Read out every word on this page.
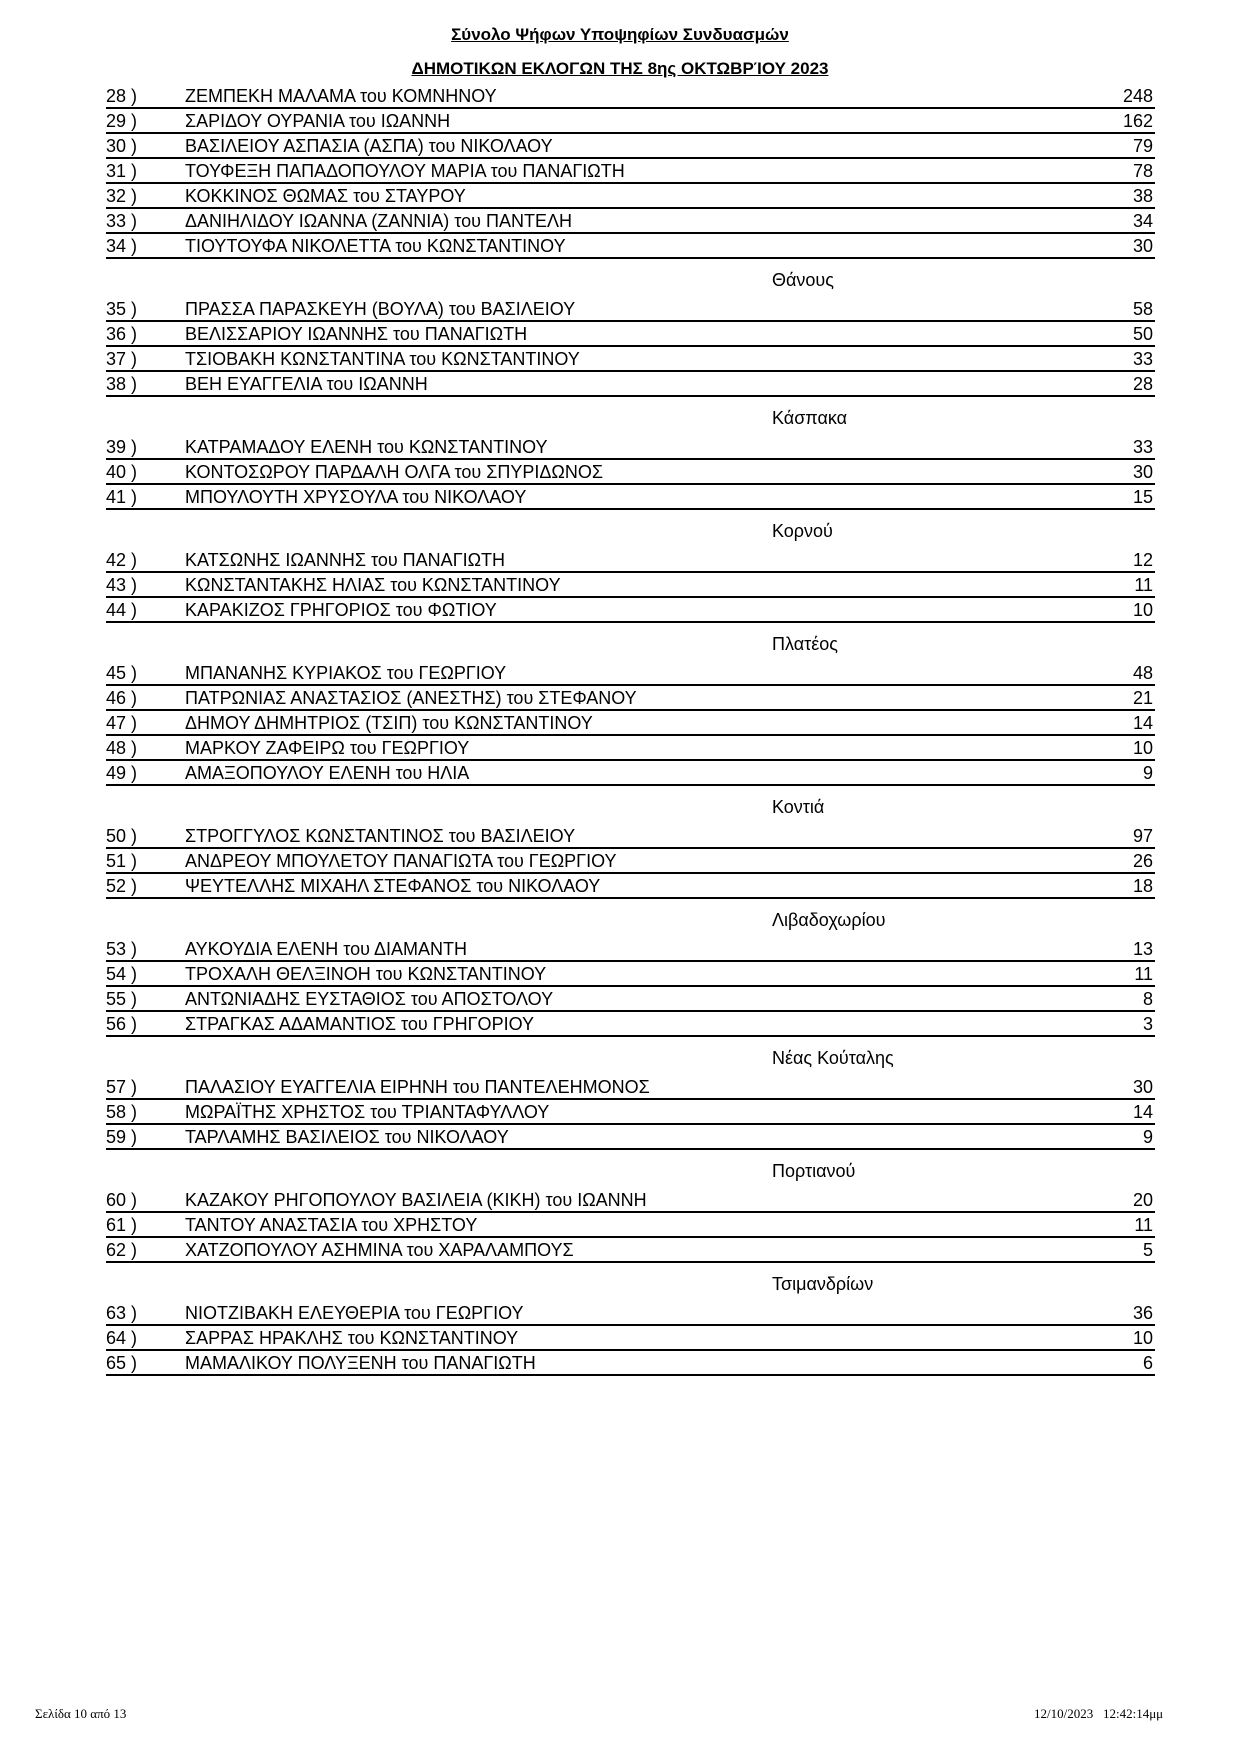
Σύνολο Ψήφων Υποψηφίων Συνδυασμών
ΔΗΜΟΤΙΚΩΝ ΕΚΛΟΓΩΝ ΤΗΣ 8ης ΟΚΤΩΒΡΊΟΥ 2023
28 )	ΖΕΜΠΕΚΗ ΜΑΛΑΜΑ του ΚΟΜΝΗΝΟΥ	248
29 )	ΣΑΡΙΔΟΥ ΟΥΡΑΝΙΑ του ΙΩΑΝΝΗ	162
30 )	ΒΑΣΙΛΕΙΟΥ ΑΣΠΑΣΙΑ (ΑΣΠΑ) του ΝΙΚΟΛΑΟΥ	79
31 )	ΤΟΥΦΕΞΗ ΠΑΠΑΔΟΠΟΥΛΟΥ ΜΑΡΙΑ του ΠΑΝΑΓΙΩΤΗ	78
32 )	ΚΟΚΚΙΝΟΣ ΘΩΜΑΣ του ΣΤΑΥΡΟΥ	38
33 )	ΔΑΝΙΗΛΙΔΟΥ ΙΩΑΝΝΑ (ΖΑΝΝΙΑ) του ΠΑΝΤΕΛΗ	34
34 )	ΤΙΟΥΤΟΥΦΑ ΝΙΚΟΛΕΤΤΑ του ΚΩΝΣΤΑΝΤΙΝΟΥ	30
Θάνους
35 )	ΠΡΑΣΣΑ ΠΑΡΑΣΚΕΥΗ (ΒΟΥΛΑ) του ΒΑΣΙΛΕΙΟΥ	58
36 )	ΒΕΛΙΣΣΑΡΙΟΥ ΙΩΑΝΝΗΣ του ΠΑΝΑΓΙΩΤΗ	50
37 )	ΤΣΙΟΒΑΚΗ ΚΩΝΣΤΑΝΤΙΝΑ του ΚΩΝΣΤΑΝΤΙΝΟΥ	33
38 )	ΒΕΗ ΕΥΑΓΓΕΛΙΑ του ΙΩΑΝΝΗ	28
Κάσπακα
39 )	ΚΑΤΡΑΜΑΔΟΥ ΕΛΕΝΗ του ΚΩΝΣΤΑΝΤΙΝΟΥ	33
40 )	ΚΟΝΤΟΣΩΡΟΥ ΠΑΡΔΑΛΗ ΟΛΓΑ του ΣΠΥΡΙΔΩΝΟΣ	30
41 )	ΜΠΟΥΛΟΥΤΗ ΧΡΥΣΟΥΛΑ του ΝΙΚΟΛΑΟΥ	15
Κορνού
42 )	ΚΑΤΣΩΝΗΣ ΙΩΑΝΝΗΣ του ΠΑΝΑΓΙΩΤΗ	12
43 )	ΚΩΝΣΤΑΝΤΑΚΗΣ ΗΛΙΑΣ του ΚΩΝΣΤΑΝΤΙΝΟΥ	11
44 )	ΚΑΡΑΚΙΖΟΣ ΓΡΗΓΟΡΙΟΣ του ΦΩΤΙΟΥ	10
Πλατέος
45 )	ΜΠΑΝΑΝΗΣ ΚΥΡΙΑΚΟΣ του ΓΕΩΡΓΙΟΥ	48
46 )	ΠΑΤΡΩΝΙΑΣ ΑΝΑΣΤΑΣΙΟΣ (ΑΝΕΣΤΗΣ) του ΣΤΕΦΑΝΟΥ	21
47 )	ΔΗΜΟΥ ΔΗΜΗΤΡΙΟΣ (ΤΣΙΠ) του ΚΩΝΣΤΑΝΤΙΝΟΥ	14
48 )	ΜΑΡΚΟΥ ΖΑΦΕΙΡΩ του ΓΕΩΡΓΙΟΥ	10
49 )	ΑΜΑΞΟΠΟΥΛΟΥ ΕΛΕΝΗ του ΗΛΙΑ	9
Κοντιά
50 )	ΣΤΡΟΓΓΥΛΟΣ ΚΩΝΣΤΑΝΤΙΝΟΣ του ΒΑΣΙΛΕΙΟΥ	97
51 )	ΑΝΔΡΕΟΥ ΜΠΟΥΛΕΤΟΥ ΠΑΝΑΓΙΩΤΑ του ΓΕΩΡΓΙΟΥ	26
52 )	ΨΕΥΤΕΛΛΗΣ ΜΙΧΑΗΛ ΣΤΕΦΑΝΟΣ του ΝΙΚΟΛΑΟΥ	18
Λιβαδοχωρίου
53 )	ΑΥΚΟΥΔΙΑ ΕΛΕΝΗ του ΔΙΑΜΑΝΤΗ	13
54 )	ΤΡΟΧΑΛΗ ΘΕΛΞΙΝΟΗ του ΚΩΝΣΤΑΝΤΙΝΟΥ	11
55 )	ΑΝΤΩΝΙΑΔΗΣ ΕΥΣΤΑΘΙΟΣ του ΑΠΟΣΤΟΛΟΥ	8
56 )	ΣΤΡΑΓΚΑΣ ΑΔΑΜΑΝΤΙΟΣ του ΓΡΗΓΟΡΙΟΥ	3
Νέας Κούταλης
57 )	ΠΑΛΑΣΙΟΥ ΕΥΑΓΓΕΛΙΑ ΕΙΡΗΝΗ του ΠΑΝΤΕΛΕΗΜΟΝΟΣ	30
58 )	ΜΩΡΑΪΤΗΣ ΧΡΗΣΤΟΣ του ΤΡΙΑΝΤΑΦΥΛΛΟΥ	14
59 )	ΤΑΡΛΑΜΗΣ ΒΑΣΙΛΕΙΟΣ του ΝΙΚΟΛΑΟΥ	9
Πορτιανού
60 )	ΚΑΖΑΚΟΥ ΡΗΓΟΠΟΥΛΟΥ ΒΑΣΙΛΕΙΑ (ΚΙΚΗ) του ΙΩΑΝΝΗ	20
61 )	ΤΑΝΤΟΥ ΑΝΑΣΤΑΣΙΑ του ΧΡΗΣΤΟΥ	11
62 )	ΧΑΤΖΟΠΟΥΛΟΥ ΑΣΗΜΙΝΑ του ΧΑΡΑΛΑΜΠΟΥΣ	5
Τσιμανδρίων
63 )	ΝΙΟΤΖΙΒΑΚΗ ΕΛΕΥΘΕΡΙΑ του ΓΕΩΡΓΙΟΥ	36
64 )	ΣΑΡΡΑΣ ΗΡΑΚΛΗΣ του ΚΩΝΣΤΑΝΤΙΝΟΥ	10
65 )	ΜΑΜΑΛΙΚΟΥ ΠΟΛΥΞΕΝΗ του ΠΑΝΑΓΙΩΤΗ	6
Σελίδα 10 από 13	12/10/2023 12:42:14μμ
